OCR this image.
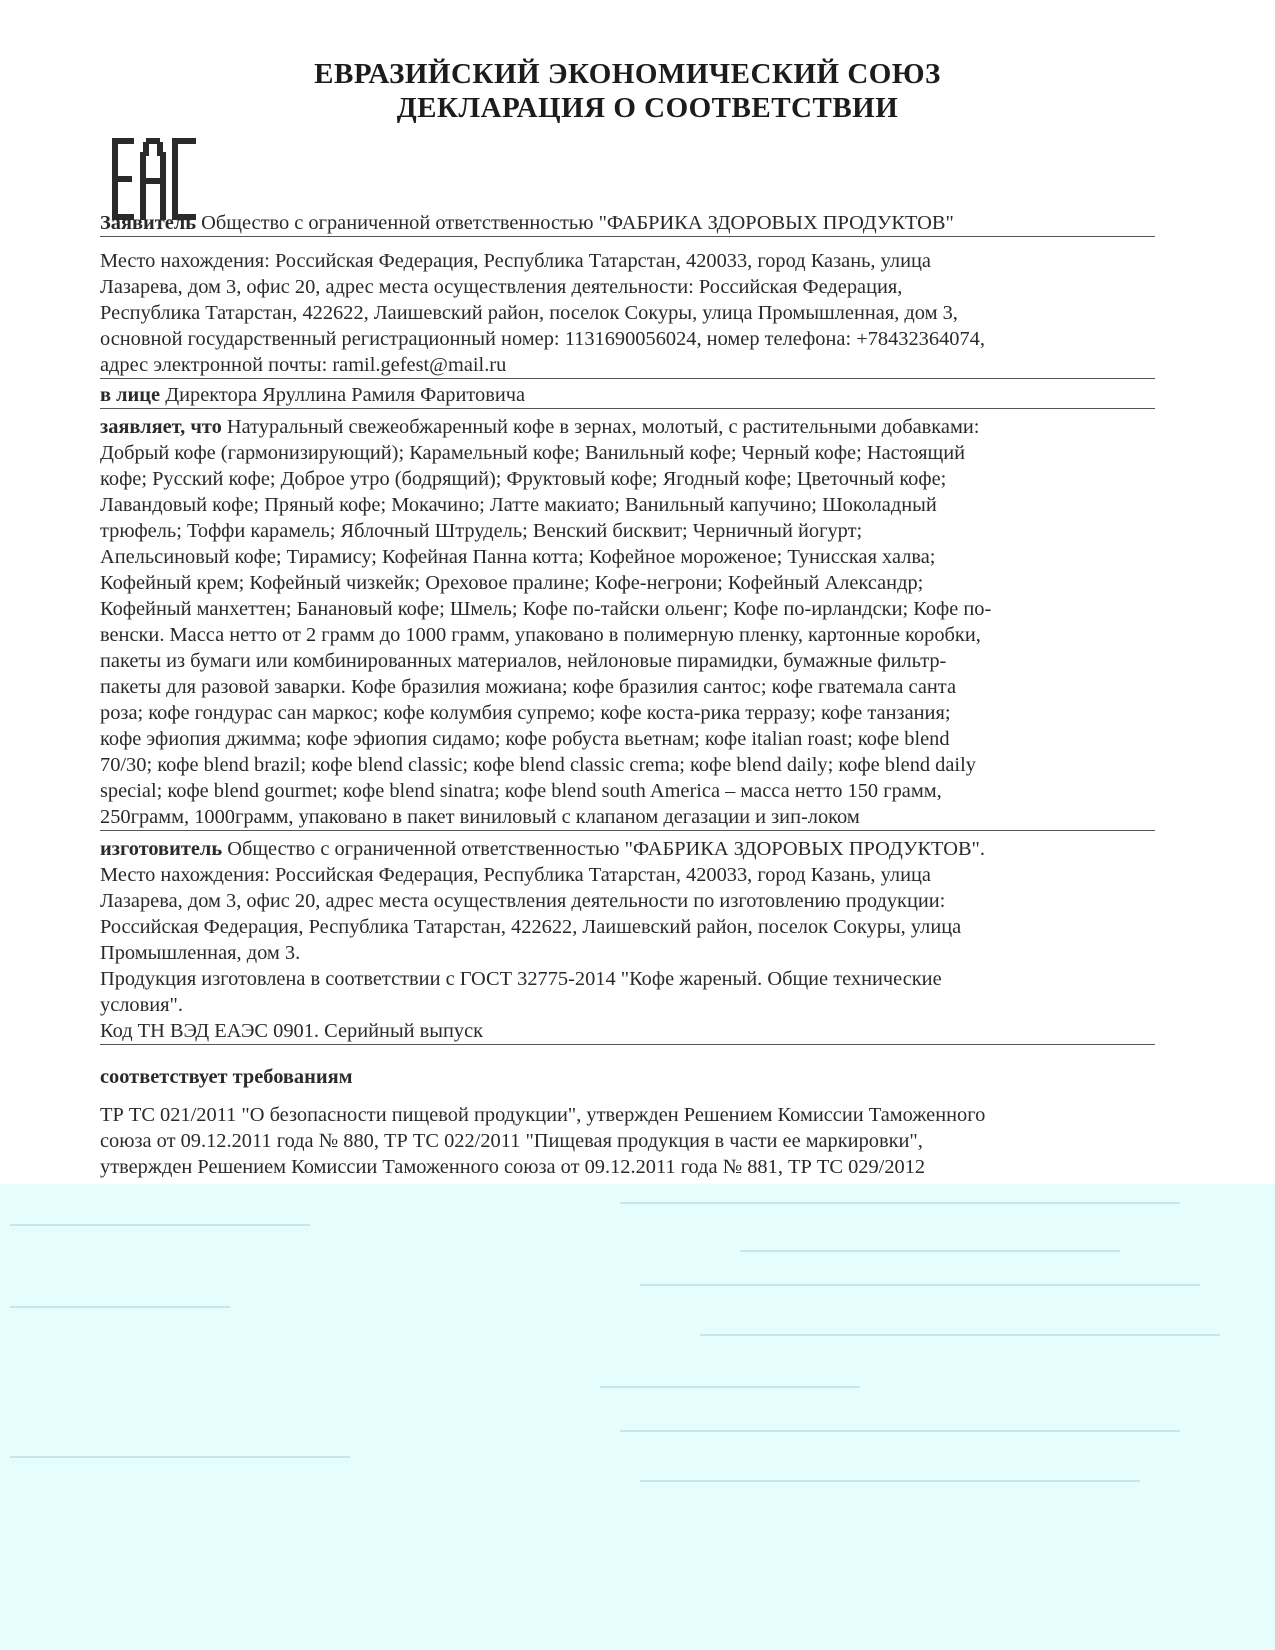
ЕВРАЗИЙСКИЙ ЭКОНОМИЧЕСКИЙ СОЮЗ
ДЕКЛАРАЦИЯ О СООТВЕТСТВИИ
Заявитель Общество с ограниченной ответственностью "ФАБРИКА ЗДОРОВЫХ ПРОДУКТОВ"
Место нахождения: Российская Федерация, Республика Татарстан, 420033, город Казань, улица
Лазарева, дом 3, офис 20, адрес места осуществления деятельности: Российская Федерация,
Республика Татарстан, 422622, Лаишевский район, поселок Сокуры, улица Промышленная, дом 3,
основной государственный регистрационный номер: 1131690056024, номер телефона: +78432364074,
адрес электронной почты: ramil.gefest@mail.ru
в лице Директора Яруллина Рамиля Фаритовича
заявляет, что Натуральный свежеобжаренный кофе в зернах, молотый, с растительными добавками:
Добрый кофе (гармонизирующий); Карамельный кофе; Ванильный кофе; Черный кофе; Настоящий
кофе; Русский кофе; Доброе утро (бодрящий); Фруктовый кофе; Ягодный кофе; Цветочный кофе;
Лавандовый кофе; Пряный кофе; Мокачино; Латте макиато; Ванильный капучино; Шоколадный
трюфель; Тоффи карамель; Яблочный Штрудель; Венский бисквит; Черничный йогурт;
Апельсиновый кофе; Тирамису; Кофейная Панна котта; Кофейное мороженое; Тунисская халва;
Кофейный крем; Кофейный чизкейк; Ореховое пралине; Кофе-негрони; Кофейный Александр;
Кофейный манхеттен; Банановый кофе; Шмель; Кофе по-тайски ольенг; Кофе по-ирландски; Кофе по-
венски. Масса нетто от 2 грамм до 1000 грамм, упаковано в полимерную пленку, картонные коробки,
пакеты из бумаги или комбинированных материалов, нейлоновые пирамидки, бумажные фильтр-
пакеты для разовой заварки. Кофе бразилия можиана; кофе бразилия сантос; кофе гватемала санта
роза; кофе гондурас сан маркос; кофе колумбия супремо; кофе коста-рика терразу; кофе танзания;
кофе эфиопия джимма; кофе эфиопия сидамо; кофе робуста вьетнам; кофе italian roast; кофе blend
70/30; кофе blend brazil; кофе blend classic; кофе blend classic crema; кофе blend daily; кофе blend daily
special; кофе blend gourmet; кофе blend sinatra; кофе blend south America – масса нетто 150 грамм,
250грамм, 1000грамм, упаковано в пакет виниловый с клапаном дегазации и зип-локом
изготовитель Общество с ограниченной ответственностью "ФАБРИКА ЗДОРОВЫХ ПРОДУКТОВ".
Место нахождения: Российская Федерация, Республика Татарстан, 420033, город Казань, улица
Лазарева, дом 3, офис 20, адрес места осуществления деятельности по изготовлению продукции:
Российская Федерация, Республика Татарстан, 422622, Лаишевский район, поселок Сокуры, улица
Промышленная, дом 3.
Продукция изготовлена в соответствии с ГОСТ 32775-2014 "Кофе жареный. Общие технические
условия".
Код ТН ВЭД ЕАЭС 0901. Серийный выпуск
соответствует требованиям
ТР ТС 021/2011 "О безопасности пищевой продукции", утвержден Решением Комиссии Таможенного
союза от 09.12.2011 года № 880, ТР ТС 022/2011 "Пищевая продукция в части ее маркировки",
утвержден Решением Комиссии Таможенного союза от 09.12.2011 года № 881, ТР ТС 029/2012
